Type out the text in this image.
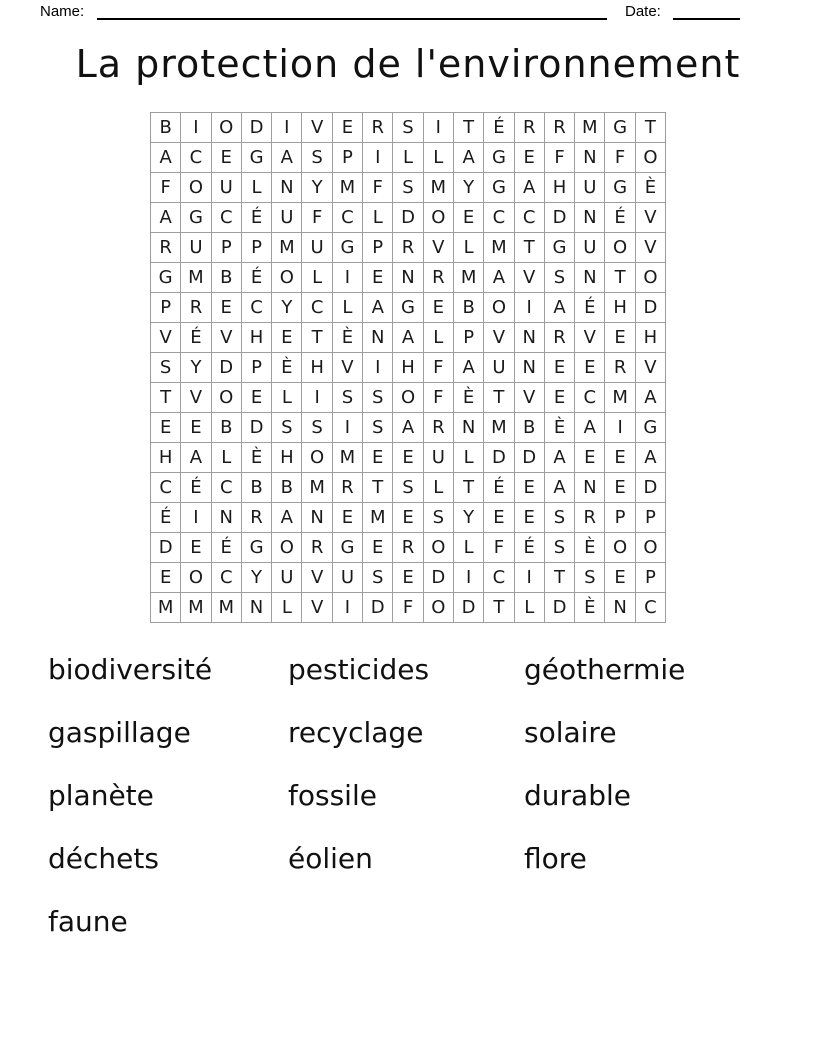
Name:	Date:
La protection de l'environnement
B	I	O D	I	V	E	R	S	I	T	É	R R M G T
A C	E G A	S	P	I	L	L	A G E	F	N	F	O
F	O U	L	N	Y M F	S M Y G A H U G È
A G C	É	U	F	C	L	D O E	C C D N É	V
R U	P	P M U G P	R V	L M T G U O V
G M B	É O	L	I	E N R M A V	S N	T O
P	R	E	C	Y	C	L	A G E	B O	I	A	É H D
V	É	V H E	T	È N A	L	P	V N R V	E H
S	Y D P	È H V	I	H	F	A U N E	E	R V
T	V O E	L	I	S	S O	F	È	T	V	E	C M A
E	E	B D S	S	I	S	A R N M B	È	A	I	G
H A	L	È H O M E	E	U	L	D D A	E	E	A
C	É	C B B M R	T	S	L	T	É	E	A N E D
É	I	N R A N E M E	S	Y	E	E	S	R	P	P
D E	É G O R G E	R O	L	F	É	S	È O O
E O C	Y	U V U S	E D	I	C	I	T	S	E	P
M M M N	L	V	I	D	F	O D T	L	D È N C
biodiversité	pesticides	géothermie
gaspillage	recyclage	solaire
planète	fossile	durable
déchets	éolien	flore
faune
